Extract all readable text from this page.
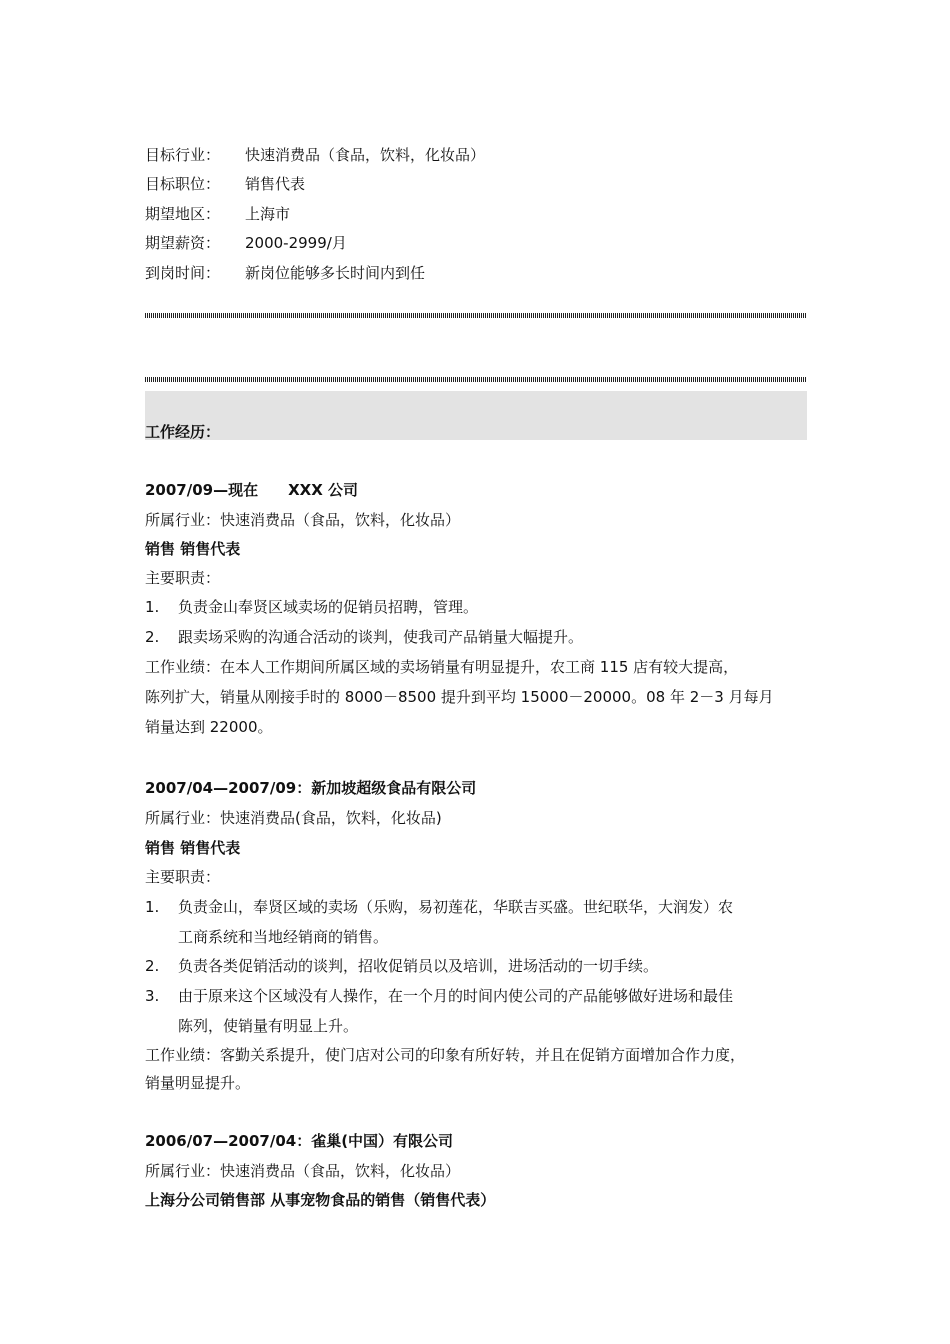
目标行业：	快速消费品（食品，饮料，化妆品）
目标职位：	销售代表
期望地区：	上海市
期望薪资：	2000-2999/月
到岗时间：	新岗位能够多长时间内到任
工作经历：
2007/09—现在　　XXX 公司
所属行业：快速消费品（食品，饮料，化妆品）
销售 销售代表
主要职责：
1. 负责金山奉贤区域卖场的促销员招聘，管理。
2. 跟卖场采购的沟通合活动的谈判，使我司产品销量大幅提升。
工作业绩：在本人工作期间所属区域的卖场销量有明显提升，农工商 115 店有较大提高，
陈列扩大，销量从刚接手时的 8000－8500 提升到平均 15000－20000。08 年 2－3 月每月
销量达到 22000。
2007/04—2007/09：新加坡超级食品有限公司
所属行业：快速消费品(食品，饮料，化妆品)
销售 销售代表
主要职责：
1. 负责金山，奉贤区域的卖场（乐购，易初莲花，华联吉买盛。世纪联华，大润发）农
工商系统和当地经销商的销售。
2. 负责各类促销活动的谈判，招收促销员以及培训，进场活动的一切手续。
3. 由于原来这个区域没有人操作，在一个月的时间内使公司的产品能够做好进场和最佳
陈列，使销量有明显上升。
工作业绩：客勤关系提升，使门店对公司的印象有所好转，并且在促销方面增加合作力度，
销量明显提升。
2006/07—2007/04：雀巢(中国）有限公司
所属行业：快速消费品（食品，饮料，化妆品）
上海分公司销售部 从事宠物食品的销售（销售代表）
